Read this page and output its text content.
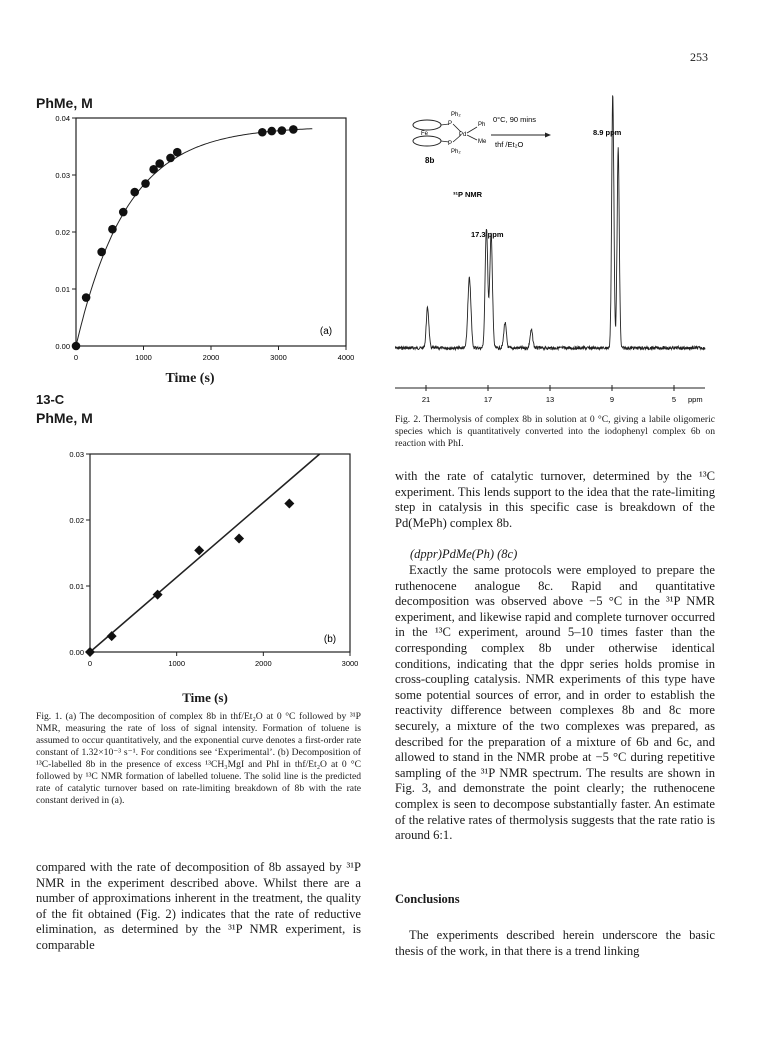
253
PhMe, M
0.04
0.03
0.02
0.01
0.00
0	1000	2000	3000	4000
(a)
Time (s)
13-C
PhMe, M
0.03
0.02
0.01
0.00
0	1000	2000	3000
(b)
Time (s)
Fig. 1. (a) The decomposition of complex 8b in thf/Et₂O at 0 °C followed by ³¹P NMR, measuring the rate of loss of signal intensity. Formation of toluene is assumed to occur quantitatively, and the exponential curve denotes a first-order rate constant of 1.32×10⁻³ s⁻¹. For conditions see ‘Experimental’. (b) Decomposition of ¹³C-labelled 8b in the presence of excess ¹³CH₃MgI and PhI in thf/Et₂O at 0 °C followed by ¹³C NMR formation of labelled toluene. The solid line is the predicted rate of catalytic turnover based on rate-limiting breakdown of 8b with the rate constant derived in (a).
compared with the rate of decomposition of 8b assayed by ³¹P NMR in the experiment described above. Whilst there are a number of approximations inherent in the treatment, the quality of the fit obtained (Fig. 2) indicates that the rate of reductive elimination, as determined by the ³¹P NMR experiment, is comparable
Ph₂
P	Ph
Fe	Pd
Me
P
Ph₂
8b
0°C, 90 mins
thf /Et₂O
³¹P NMR
17.3 ppm
8.9 ppm
21	17	13	9	5 ppm
Fig. 2. Thermolysis of complex 8b in solution at 0 °C, giving a labile oligomeric species which is quantitatively converted into the iodophenyl complex 6b on reaction with PhI.
with the rate of catalytic turnover, determined by the ¹³C experiment. This lends support to the idea that the rate-limiting step in catalysis in this specific case is breakdown of the Pd(MePh) complex 8b.
(dppr)PdMe(Ph) (8c)
Exactly the same protocols were employed to prepare the ruthenocene analogue 8c. Rapid and quantitative decomposition was observed above −5 °C in the ³¹P NMR experiment, and likewise rapid and complete turnover occurred in the ¹³C experiment, around 5–10 times faster than the corresponding complex 8b under otherwise identical conditions, indicating that the dppr series holds promise in cross-coupling catalysis. NMR experiments of this type have some potential sources of error, and in order to establish the reactivity difference between complexes 8b and 8c more securely, a mixture of the two complexes was prepared, as described for the preparation of a mixture of 6b and 6c, and allowed to stand in the NMR probe at −5 °C during repetitive sampling of the ³¹P NMR spectrum. The results are shown in Fig. 3, and demonstrate the point clearly; the ruthenocene complex is seen to decompose substantially faster. An estimate of the relative rates of thermolysis suggests that the rate ratio is around 6:1.
Conclusions
The experiments described herein underscore the basic thesis of the work, in that there is a trend linking
